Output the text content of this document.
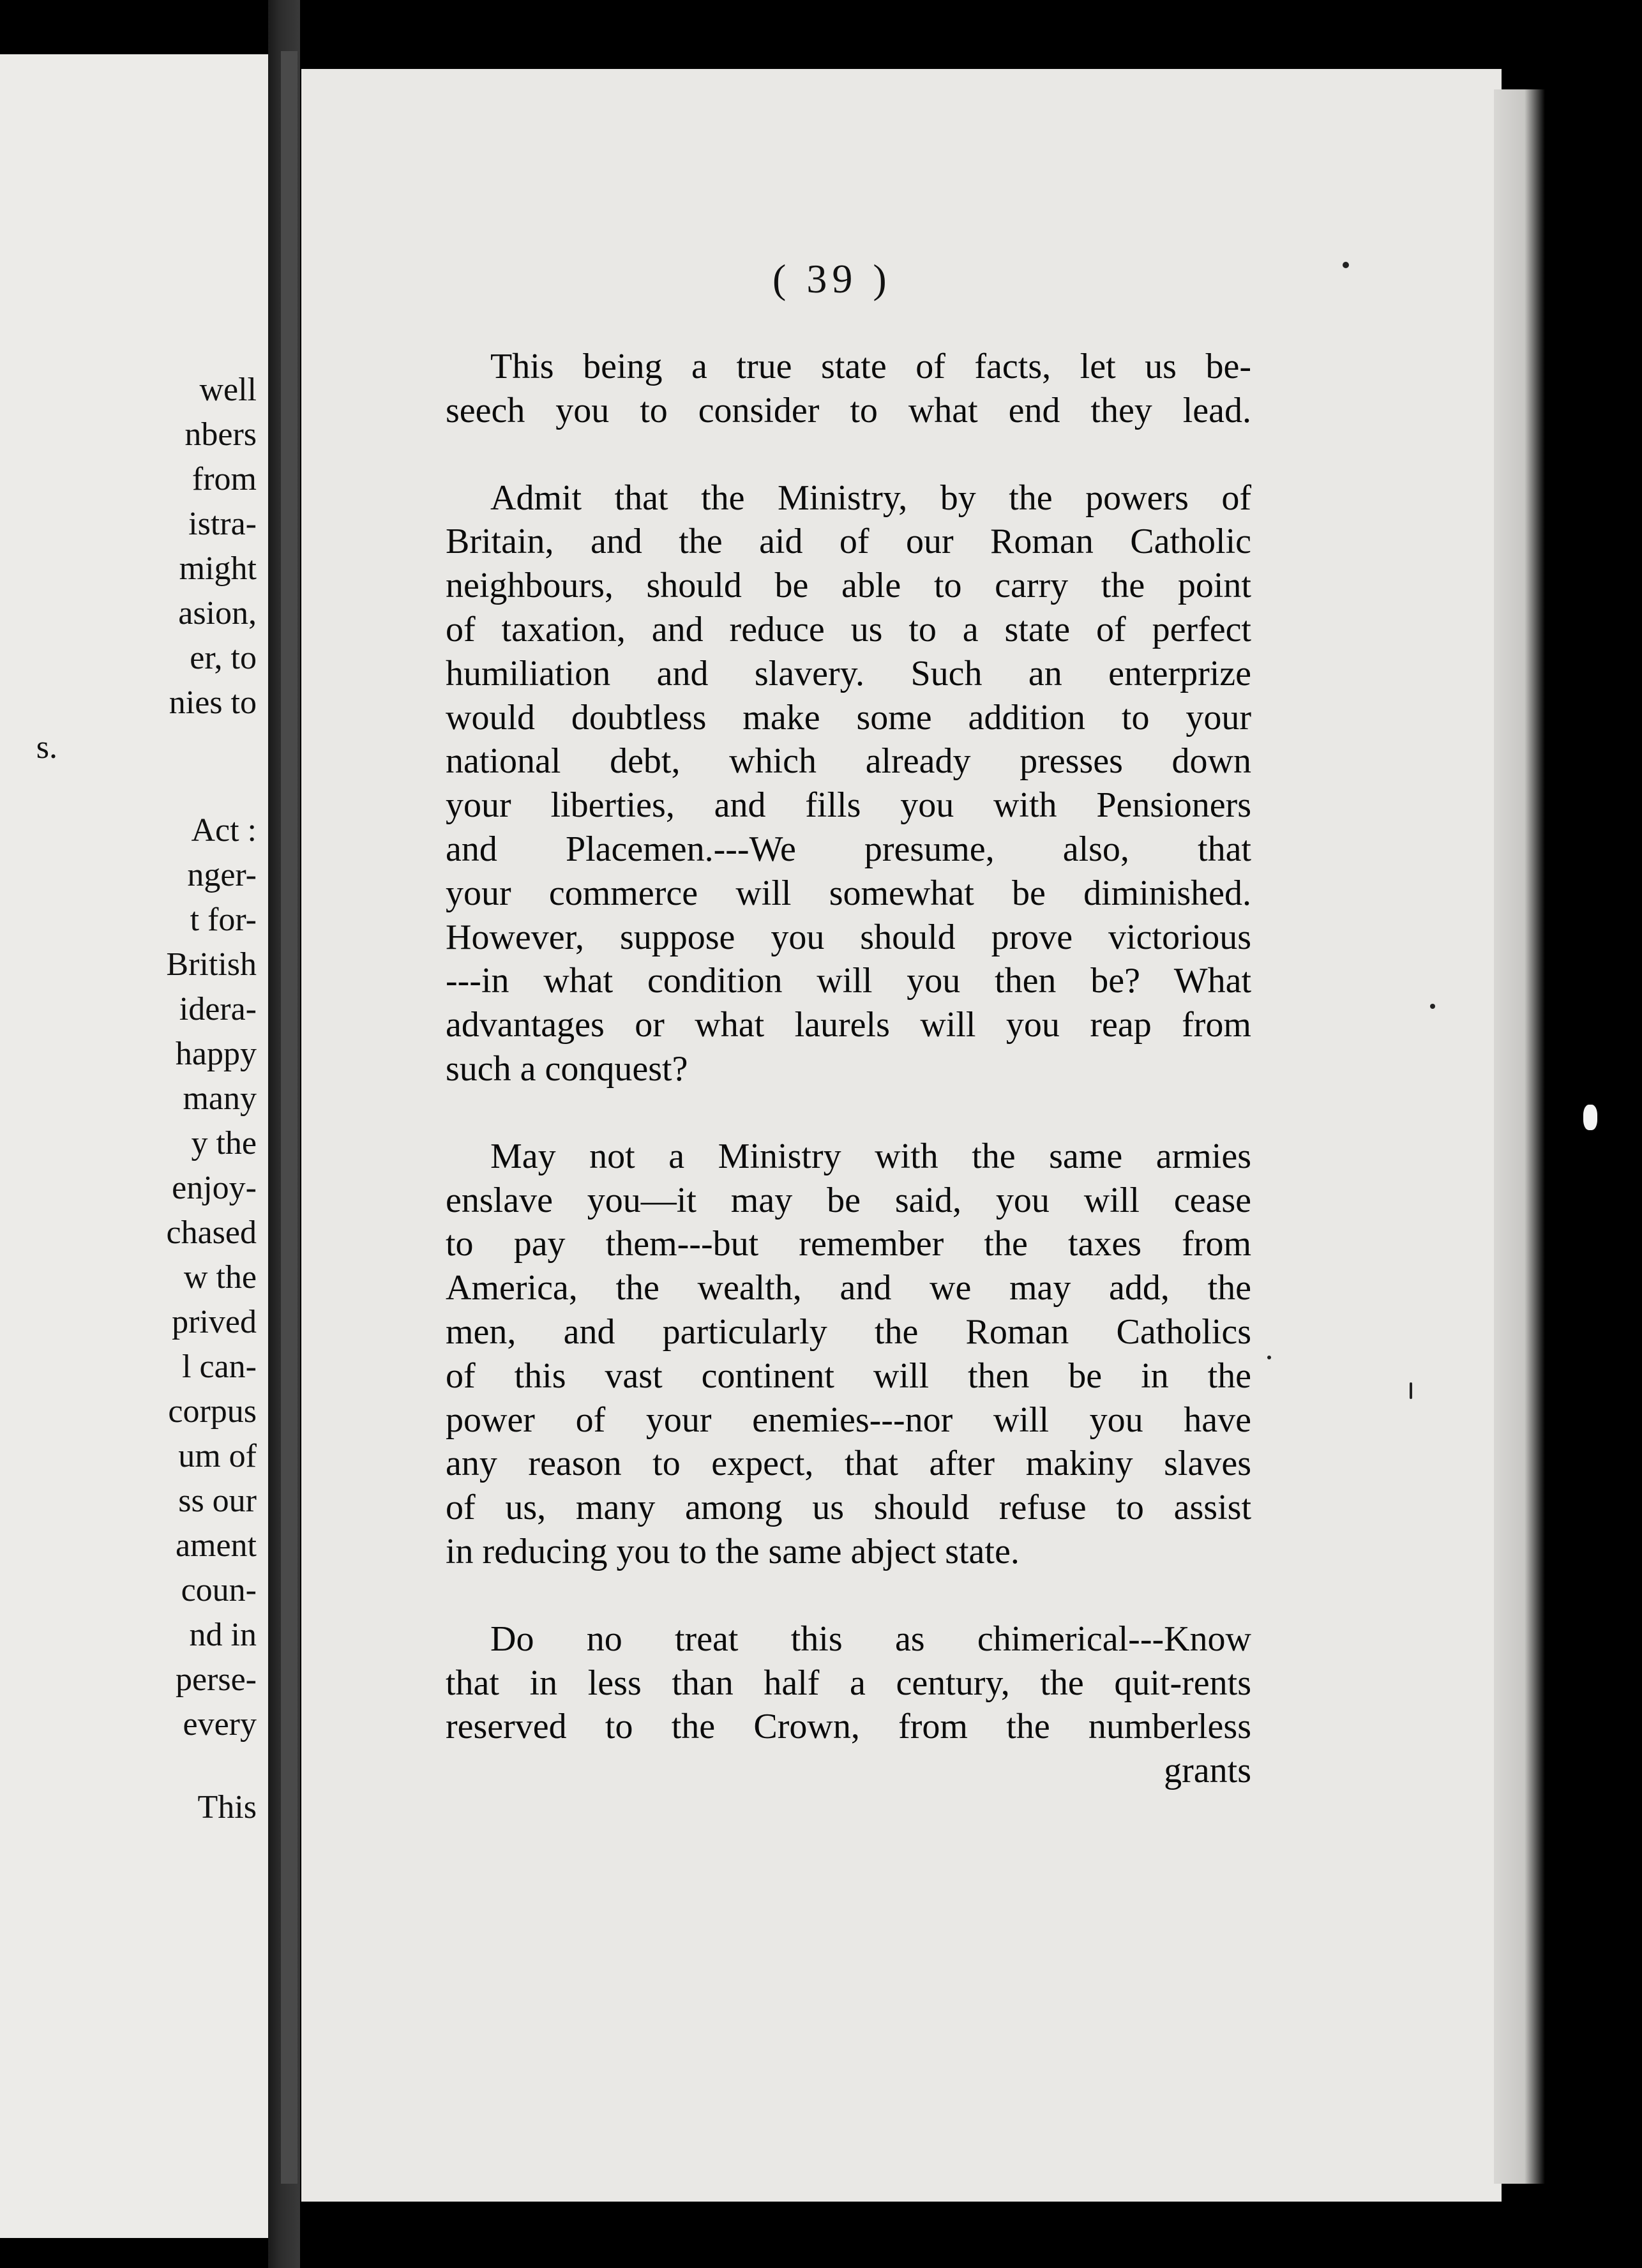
well
nbers
from
istra-
might
asion,
er, to
nies to
s.
Act :
nger-
t for-
British
idera-
happy
many
y the
enjoy-
chased
w the
prived
l can-
corpus
um of
ss our
ament
coun-
nd in
perse-
every
This
( 39 )
This being a true state of facts, let us be-
seech you to consider to what end they lead.
Admit that the Ministry, by the powers of
Britain, and the aid of our Roman Catholic
neighbours, should be able to carry the point
of taxation, and reduce us to a state of perfect
humiliation and slavery. Such an enterprize
would doubtless make some addition to your
national debt, which already presses down
your liberties, and fills you with Pensioners
and Placemen.---We presume, also, that
your commerce will somewhat be diminished.
However, suppose you should prove victorious
---in what condition will you then be? What
advantages or what laurels will you reap from
such a conquest?
May not a Ministry with the same armies
enslave you—it may be said, you will cease
to pay them---but remember the taxes from
America, the wealth, and we may add, the
men, and particularly the Roman Catholics
of this vast continent will then be in the
power of your enemies---nor will you have
any reason to expect, that after makiny slaves
of us, many among us should refuse to assist
in reducing you to the same abject state.
Do no treat this as chimerical---Know
that in less than half a century, the quit-rents
reserved to the Crown, from the numberless
grants
